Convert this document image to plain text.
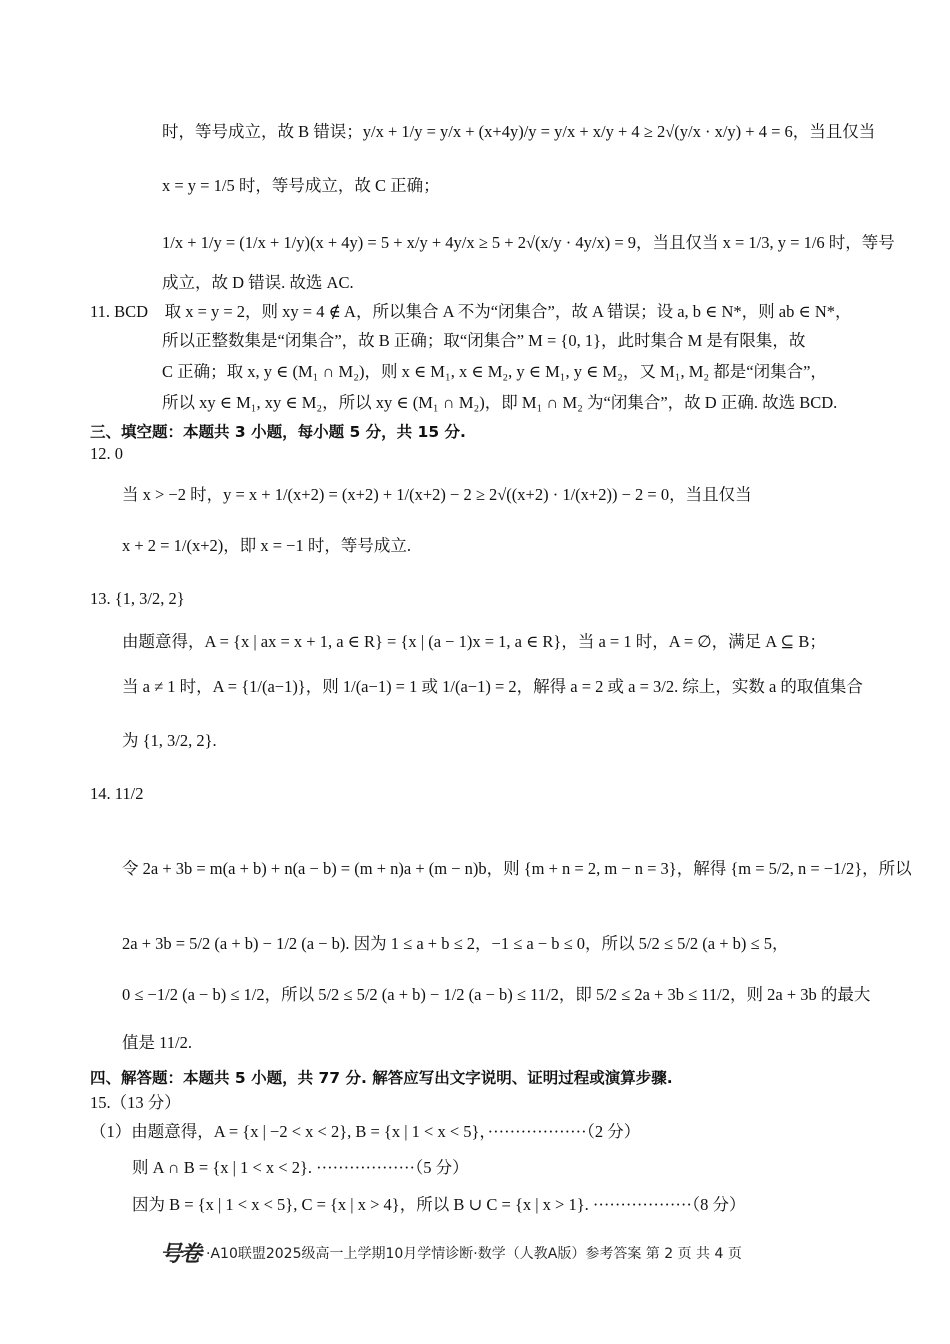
时，等号成立，故 B 错误；y/x + 1/y = y/x + (x+4y)/y = y/x + x/y + 4 ≥ 2√(y/x · x/y) + 4 = 6，当且仅当
x = y = 1/5 时，等号成立，故 C 正确；
1/x + 1/y = (1/x + 1/y)(x + 4y) = 5 + x/y + 4y/x ≥ 5 + 2√(x/y · 4y/x) = 9，当且仅当 x = 1/3, y = 1/6 时，等号
成立，故 D 错误. 故选 AC.
11. BCD　取 x = y = 2，则 xy = 4 ∉ A，所以集合 A 不为“闭集合”，故 A 错误；设 a, b ∈ N*，则 ab ∈ N*，
所以正整数集是“闭集合”，故 B 正确；取“闭集合” M = {0, 1}，此时集合 M 是有限集，故
C 正确；取 x, y ∈ (M₁ ∩ M₂)，则 x ∈ M₁, x ∈ M₂, y ∈ M₁, y ∈ M₂，又 M₁, M₂ 都是“闭集合”，
所以 xy ∈ M₁, xy ∈ M₂，所以 xy ∈ (M₁ ∩ M₂)，即 M₁ ∩ M₂ 为“闭集合”，故 D 正确. 故选 BCD.
三、填空题：本题共 3 小题，每小题 5 分，共 15 分.
12. 0
当 x > −2 时，y = x + 1/(x+2) = (x+2) + 1/(x+2) − 2 ≥ 2√((x+2) · 1/(x+2)) − 2 = 0，当且仅当
x + 2 = 1/(x+2)，即 x = −1 时，等号成立.
13. {1, 3/2, 2}
由题意得，A = {x | ax = x + 1, a ∈ R} = {x | (a − 1)x = 1, a ∈ R}，当 a = 1 时，A = ∅，满足 A ⊆ B；
当 a ≠ 1 时，A = {1/(a−1)}，则 1/(a−1) = 1 或 1/(a−1) = 2，解得 a = 2 或 a = 3/2. 综上，实数 a 的取值集合
为 {1, 3/2, 2}.
14. 11/2
令 2a + 3b = m(a + b) + n(a − b) = (m + n)a + (m − n)b，则 {m + n = 2, m − n = 3}，解得 {m = 5/2, n = −1/2}，所以
2a + 3b = 5/2 (a + b) − 1/2 (a − b). 因为 1 ≤ a + b ≤ 2，−1 ≤ a − b ≤ 0，所以 5/2 ≤ 5/2 (a + b) ≤ 5，
0 ≤ −1/2 (a − b) ≤ 1/2，所以 5/2 ≤ 5/2 (a + b) − 1/2 (a − b) ≤ 11/2，即 5/2 ≤ 2a + 3b ≤ 11/2，则 2a + 3b 的最大
值是 11/2.
四、解答题：本题共 5 小题，共 77 分. 解答应写出文字说明、证明过程或演算步骤.
15.（13 分）
（1）由题意得，A = {x | −2 < x < 2}, B = {x | 1 < x < 5}，··················（2 分）
则 A ∩ B = {x | 1 < x < 2}. ··················（5 分）
因为 B = {x | 1 < x < 5}, C = {x | x > 4}，所以 B ∪ C = {x | x > 1}. ··················（8 分）
号卷 ·A10联盟2025级高一上学期10月学情诊断·数学（人教A版）参考答案 第 2 页 共 4 页
